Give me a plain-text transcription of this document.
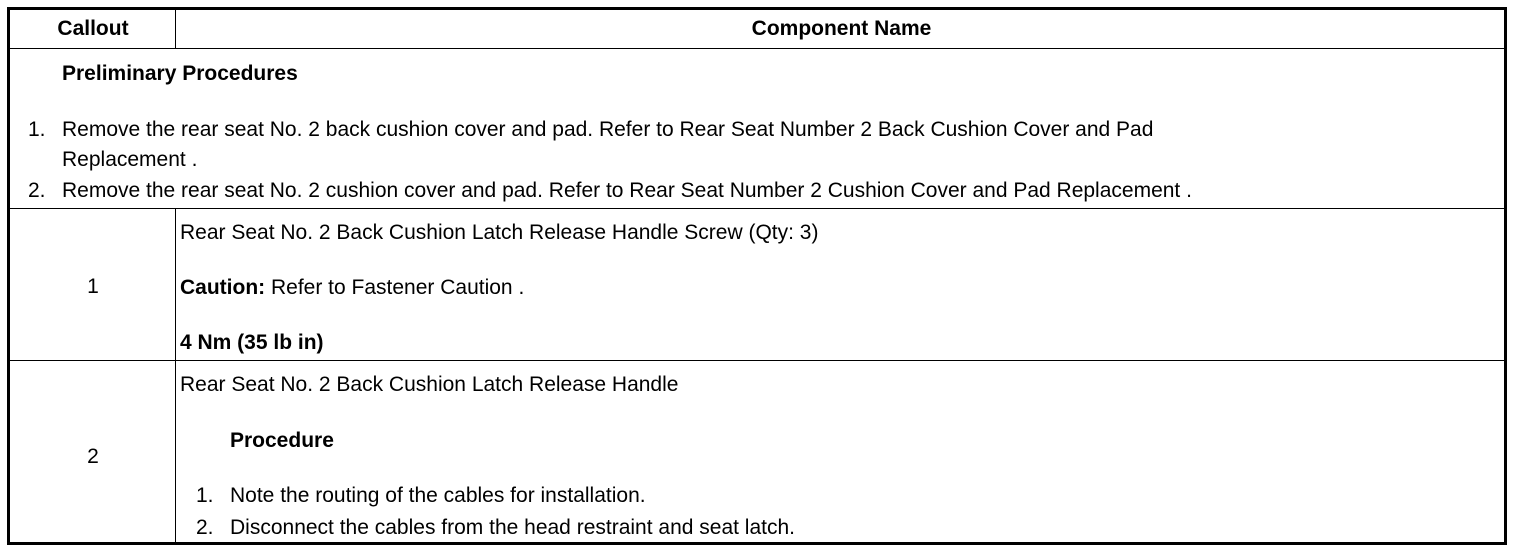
Callout	Component Name
Preliminary Procedures
1. Remove the rear seat No. 2 back cushion cover and pad. Refer to Rear Seat Number 2 Back Cushion Cover and Pad
Replacement .
2. Remove the rear seat No. 2 cushion cover and pad. Refer to Rear Seat Number 2 Cushion Cover and Pad Replacement .
1
Rear Seat No. 2 Back Cushion Latch Release Handle Screw (Qty: 3)
Caution: Refer to Fastener Caution .
4 Nm (35 lb in)
2
Rear Seat No. 2 Back Cushion Latch Release Handle
Procedure
1. Note the routing of the cables for installation.
2. Disconnect the cables from the head restraint and seat latch.
